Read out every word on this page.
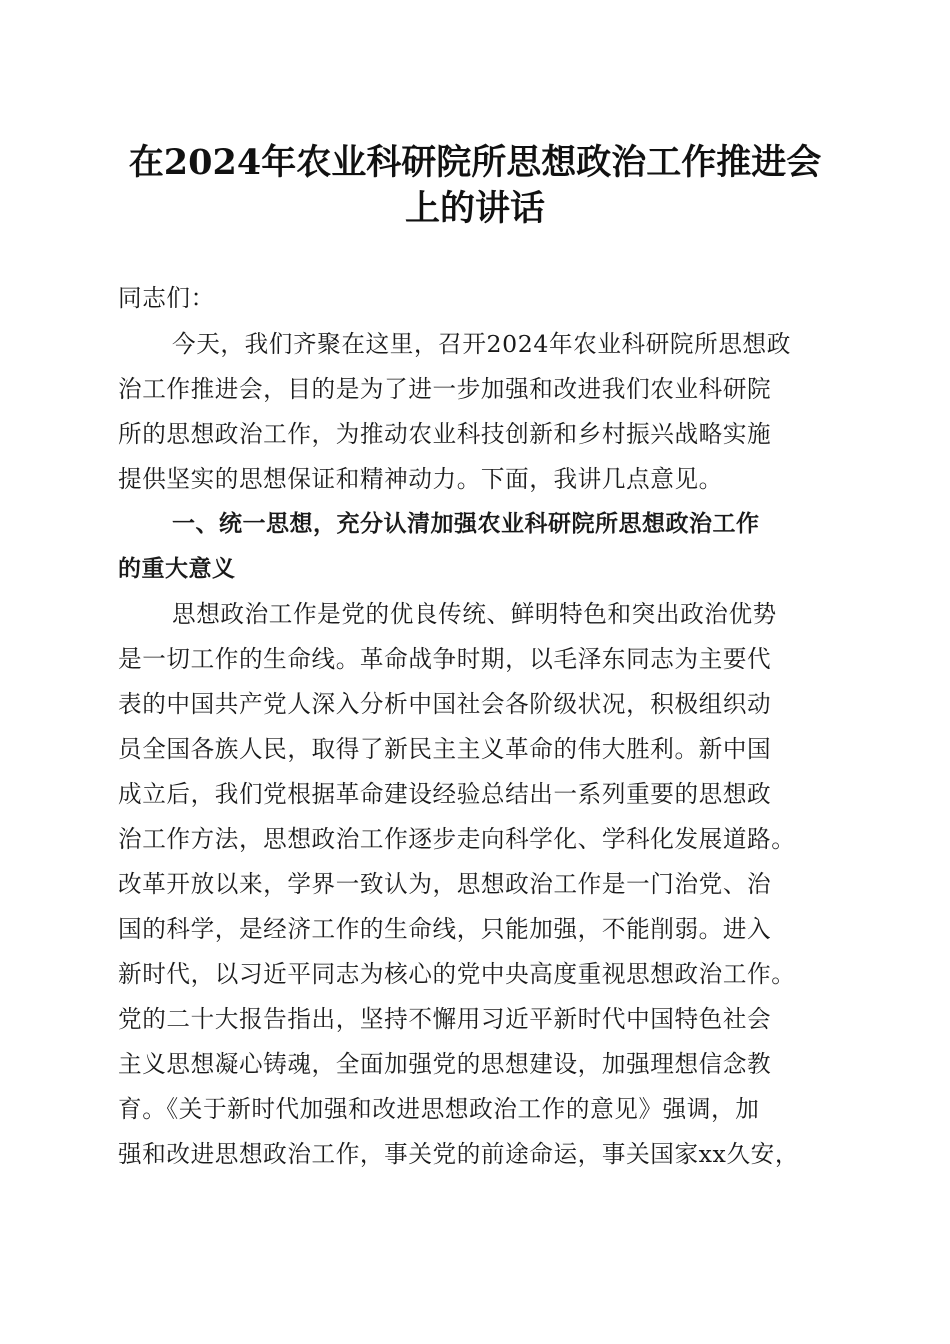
在2024年农业科研院所思想政治工作推进会
上的讲话
同志们：
今天，我们齐聚在这里，召开2024年农业科研院所思想政
治工作推进会，目的是为了进一步加强和改进我们农业科研院
所的思想政治工作，为推动农业科技创新和乡村振兴战略实施
提供坚实的思想保证和精神动力。下面，我讲几点意见。
一、统一思想，充分认清加强农业科研院所思想政治工作
的重大意义
思想政治工作是党的优良传统、鲜明特色和突出政治优势
是一切工作的生命线。革命战争时期，以毛泽东同志为主要代
表的中国共产党人深入分析中国社会各阶级状况，积极组织动
员全国各族人民，取得了新民主主义革命的伟大胜利。新中国
成立后，我们党根据革命建设经验总结出一系列重要的思想政
治工作方法，思想政治工作逐步走向科学化、学科化发展道路。
改革开放以来，学界一致认为，思想政治工作是一门治党、治
国的科学，是经济工作的生命线，只能加强，不能削弱。进入
新时代，以习近平同志为核心的党中央高度重视思想政治工作。
党的二十大报告指出，坚持不懈用习近平新时代中国特色社会
主义思想凝心铸魂，全面加强党的思想建设，加强理想信念教
育。《关于新时代加强和改进思想政治工作的意见》强调，加
强和改进思想政治工作，事关党的前途命运，事关国家xx久安，
